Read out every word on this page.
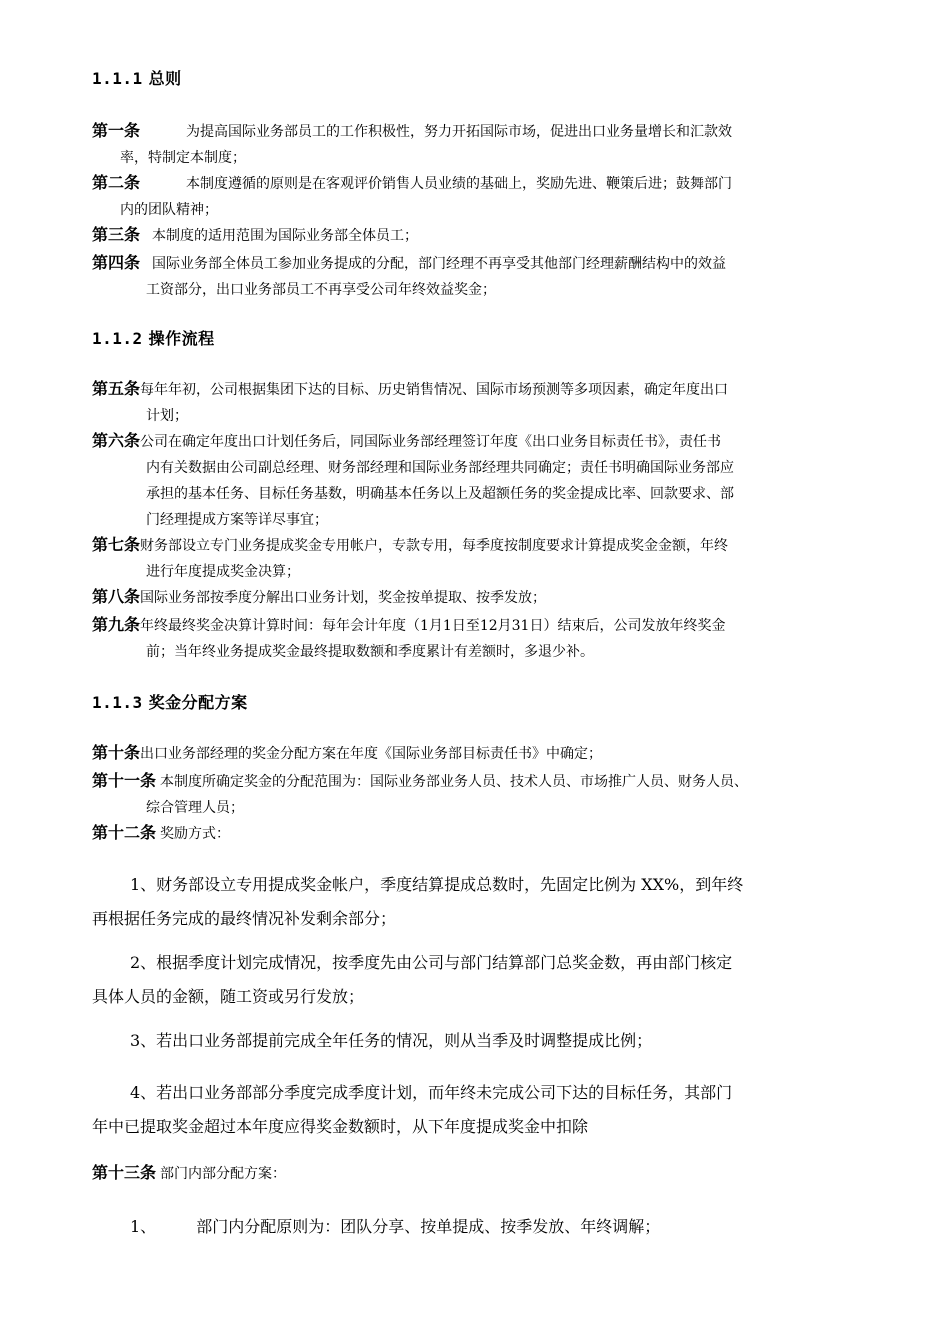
1.1.1 总则
第一条	为提高国际业务部员工的工作积极性，努力开拓国际市场，促进出口业务量增长和汇款效
率，特制定本制度；
第二条	本制度遵循的原则是在客观评价销售人员业绩的基础上，奖励先进、鞭策后进；鼓舞部门
内的团队精神；
第三条 本制度的适用范围为国际业务部全体员工；
第四条 国际业务部全体员工参加业务提成的分配，部门经理不再享受其他部门经理薪酬结构中的效益
工资部分，出口业务部员工不再享受公司年终效益奖金；
1.1.2 操作流程
第五条每年年初，公司根据集团下达的目标、历史销售情况、国际市场预测等多项因素，确定年度出口
计划；
第六条公司在确定年度出口计划任务后，同国际业务部经理签订年度《出口业务目标责任书》，责任书
内有关数据由公司副总经理、财务部经理和国际业务部经理共同确定；责任书明确国际业务部应
承担的基本任务、目标任务基数，明确基本任务以上及超额任务的奖金提成比率、回款要求、部
门经理提成方案等详尽事宜；
第七条财务部设立专门业务提成奖金专用帐户，专款专用，每季度按制度要求计算提成奖金金额，年终
进行年度提成奖金决算；
第八条国际业务部按季度分解出口业务计划，奖金按单提取、按季发放；
第九条年终最终奖金决算计算时间：每年会计年度（1月1日至12月31日）结束后，公司发放年终奖金
前；当年终业务提成奖金最终提取数额和季度累计有差额时，多退少补。
1.1.3 奖金分配方案
第十条出口业务部经理的奖金分配方案在年度《国际业务部目标责任书》中确定；
第十一条 本制度所确定奖金的分配范围为：国际业务部业务人员、技术人员、市场推广人员、财务人员、
综合管理人员；
第十二条 奖励方式：
1、财务部设立专用提成奖金帐户，季度结算提成总数时，先固定比例为 XX%，到年终
再根据任务完成的最终情况补发剩余部分；
2、根据季度计划完成情况，按季度先由公司与部门结算部门总奖金数，再由部门核定
具体人员的金额，随工资或另行发放；
3、若出口业务部提前完成全年任务的情况，则从当季及时调整提成比例；
4、若出口业务部部分季度完成季度计划，而年终未完成公司下达的目标任务，其部门
年中已提取奖金超过本年度应得奖金数额时，从下年度提成奖金中扣除
第十三条 部门内部分配方案：
1、	部门内分配原则为：团队分享、按单提成、按季发放、年终调解；
